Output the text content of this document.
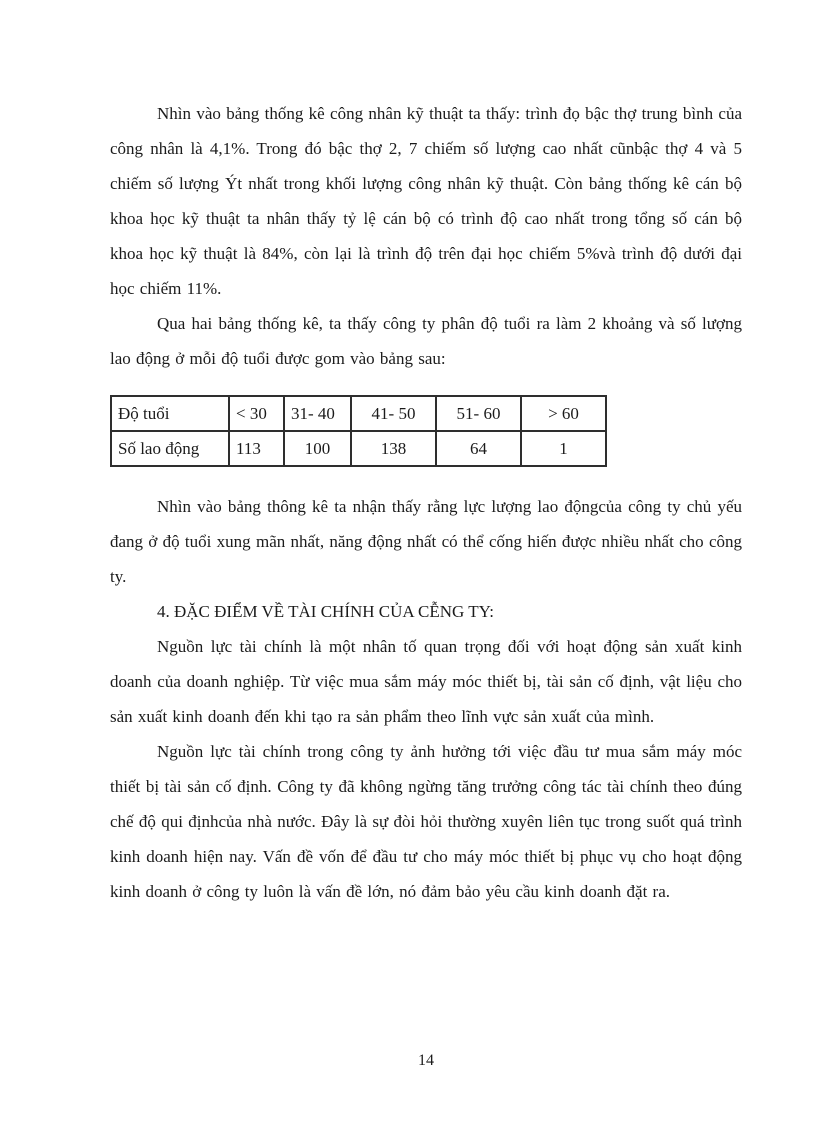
Nhìn vào bảng thống kê công nhân kỹ thuật ta thấy: trình đọ bậc thợ trung bình của công nhân là 4,1%. Trong đó bậc thợ 2, 7 chiếm số lượng cao nhất cũnbậc thợ 4 và 5 chiếm số lượng Ýt nhất trong khối lượng công nhân kỹ thuật. Còn bảng thống kê cán bộ khoa học kỹ thuật ta nhân thấy tỷ lệ cán bộ có trình độ cao nhất trong tổng số cán bộ khoa học kỹ thuật là 84%, còn lại là trình độ trên đại học chiếm 5%và trình độ dưới đại học chiếm 11%.

Qua hai bảng thống kê, ta thấy công ty phân độ tuổi ra làm 2 khoảng và số lượng lao động ở mỗi độ tuổi được gom vào bảng sau:

Độ tuổi	< 30	31- 40	41- 50	51- 60	> 60
Số lao động	113	100	138	64	1

Nhìn vào bảng thông kê ta nhận thấy rằng lực lượng lao độngcủa công ty chủ yếu đang ở độ tuổi xung mãn nhất, năng động nhất có thể cống hiến được nhiều nhất cho công ty.

4. ĐẶC ĐIỂM VỀ TÀI CHÍNH CỦA CỄNG TY:

Nguồn lực tài chính là một nhân tố quan trọng đối với hoạt động sản xuất kinh doanh của doanh nghiệp. Từ việc mua sắm máy móc thiết bị, tài sản cố định, vật liệu cho sản xuất kinh doanh đến khi tạo ra sản phẩm theo lĩnh vực sản xuất của mình.

Nguồn lực tài chính trong công ty ảnh hưởng tới việc đầu tư mua sắm máy móc thiết bị tài sản cố định. Công ty đã không ngừng tăng trưởng công tác tài chính theo đúng chế độ qui địnhcủa nhà nước. Đây là sự đòi hỏi thường xuyên liên tục trong suốt quá trình kinh doanh hiện nay. Vấn đề vốn để đầu tư cho máy móc thiết bị phục vụ cho hoạt động kinh doanh ở công ty luôn là vấn đề lớn, nó đảm bảo yêu cầu kinh doanh đặt ra.

14
